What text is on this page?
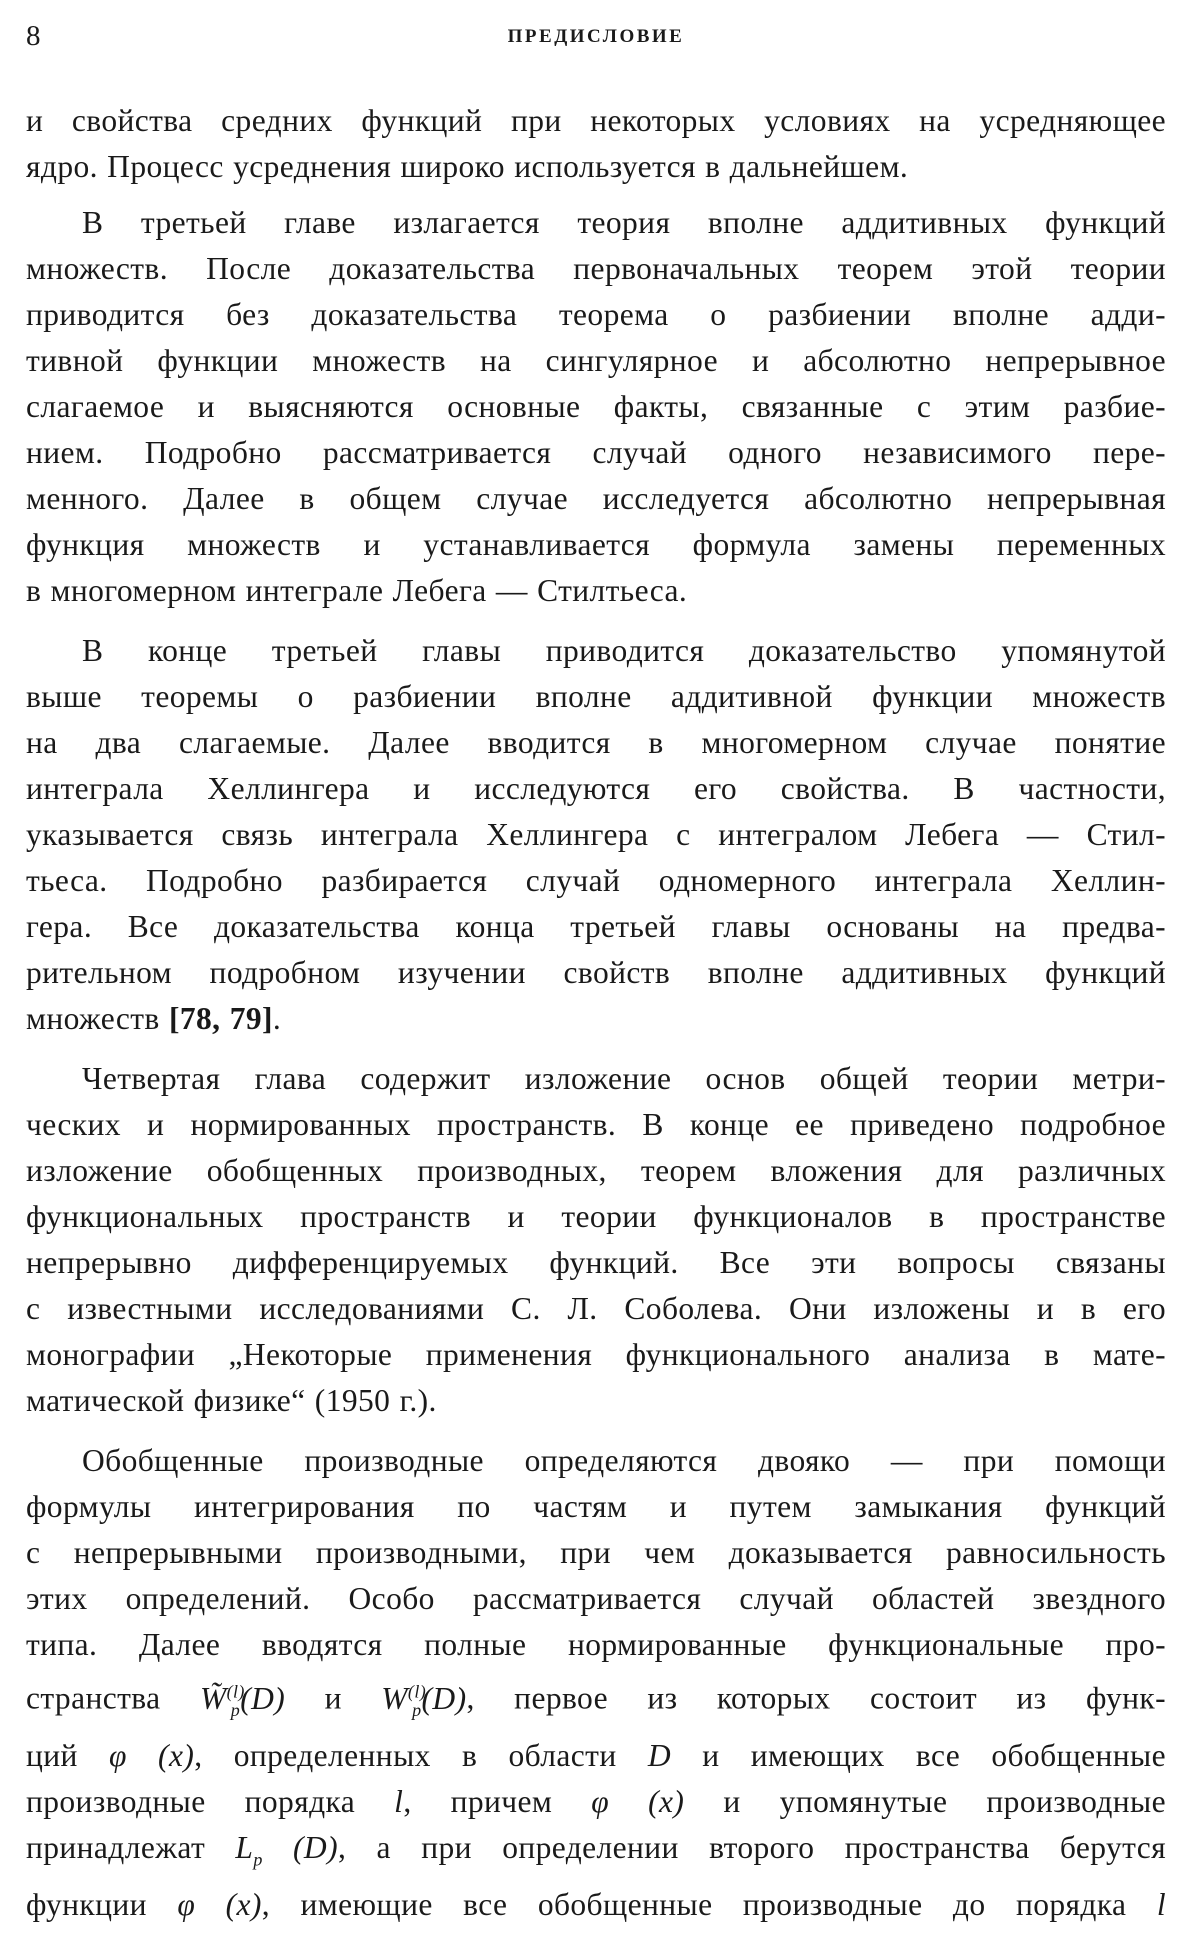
8	ПРЕДИСЛОВИЕ
и свойства средних функций при некоторых условиях на усредняющее
ядро. Процесс усреднения широко используется в дальнейшем.
В третьей главе излагается теория вполне аддитивных функций
множеств. После доказательства первоначальных теорем этой теории
приводится без доказательства теорема о разбиении вполне адди-
тивной функции множеств на сингулярное и абсолютно непрерывное
слагаемое и выясняются основные факты, связанные с этим разбие-
нием. Подробно рассматривается случай одного независимого пере-
менного. Далее в общем случае исследуется абсолютно непрерывная
функция множеств и устанавливается формула замены переменных
в многомерном интеграле Лебега — Стилтьеса.
В конце третьей главы приводится доказательство упомянутой
выше теоремы о разбиении вполне аддитивной функции множеств
на два слагаемые. Далее вводится в многомерном случае понятие
интеграла Хеллингера и исследуются его свойства. В частности,
указывается связь интеграла Хеллингера с интегралом Лебега — Стил-
тьеса. Подробно разбирается случай одномерного интеграла Хеллин-
гера. Все доказательства конца третьей главы основаны на предва-
рительном подробном изучении свойств вполне аддитивных функций
множеств [78, 79].
Четвертая глава содержит изложение основ общей теории метри-
ческих и нормированных пространств. В конце ее приведено подробное
изложение обобщенных производных, теорем вложения для различных
функциональных пространств и теории функционалов в пространстве
непрерывно дифференцируемых функций. Все эти вопросы связаны
с известными исследованиями С. Л. Соболева. Они изложены и в его
монографии „Некоторые применения функционального анализа в мате-
матической физике“ (1950 г.).
Обобщенные производные определяются двояко — при помощи
формулы интегрирования по частям и путем замыкания функций
с непрерывными производными, при чем доказывается равносильность
этих определений. Особо рассматривается случай областей звездного
типа. Далее вводятся полные нормированные функциональные про-
странства W̃$^{(l)}_p$(D) и $W^{(l)}_p(D)$, первое из которых состоит из функ-
ций φ (x), определенных в области D и имеющих все обобщенные
производные порядка l, причем φ (x) и упомянутые производные
принадлежат $L_p$ (D), а при определении второго пространства берутся
функции φ (x), имеющие все обобщенные производные до порядка l
